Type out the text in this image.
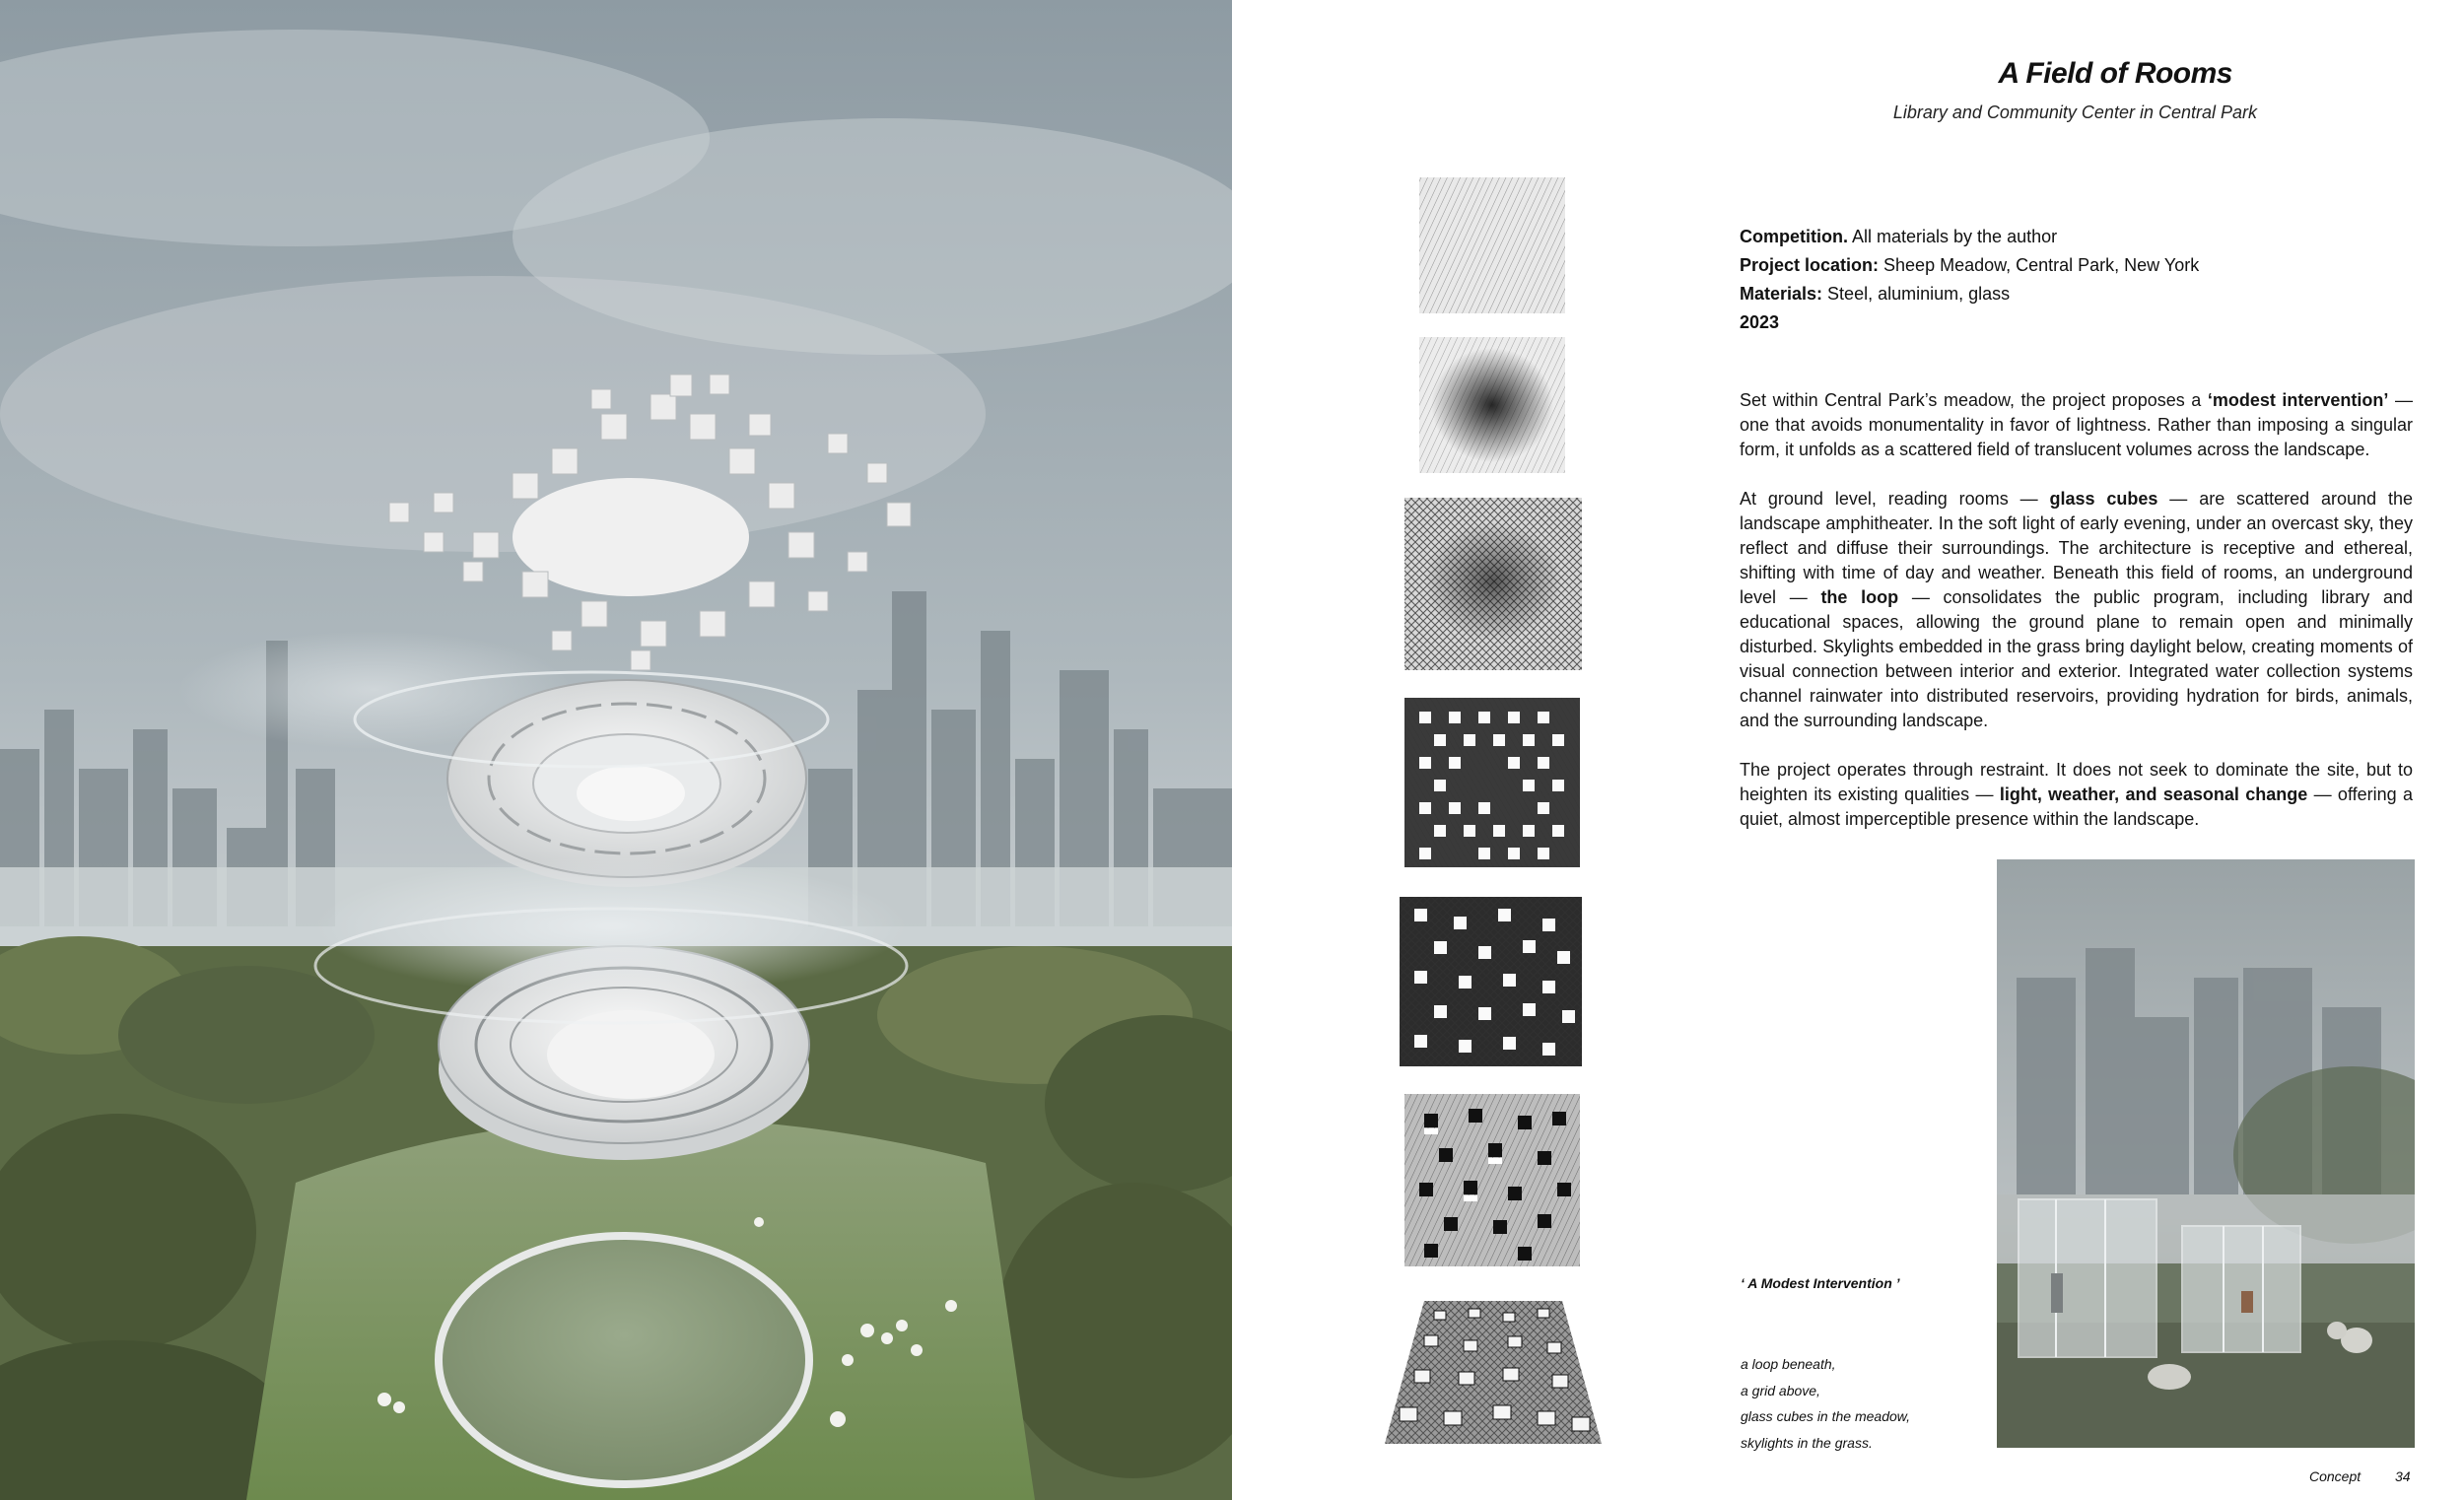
A Field of Rooms
Library and Community Center in Central Park
Competition. All materials by the author
Project location: Sheep Meadow, Central Park, New York
Materials: Steel, aluminium, glass
2023

Set within Central Park’s meadow, the project proposes a ‘modest intervention’ — one that avoids monumentality in favor of lightness. Rather than imposing a singular form, it unfolds as a scattered field of translucent volumes across the landscape.

At ground level, reading rooms — glass cubes — are scattered around the landscape amphitheater. In the soft light of early evening, under an overcast sky, they reflect and diffuse their surroundings. The architecture is receptive and ethereal, shifting with time of day and weather. Beneath this field of rooms, an underground level — the loop — consolidates the public program, including library and educational spaces, allowing the ground plane to remain open and minimally disturbed. Skylights embedded in the grass bring daylight below, creating moments of visual connection between interior and exterior. Integrated water collection systems channel rainwater into distributed reservoirs, providing hydration for birds, animals, and the surrounding landscape.

The project operates through restraint. It does not seek to dominate the site, but to heighten its existing qualities — light, weather, and seasonal change — offering a quiet, almost imperceptible presence within the landscape.

‘ A Modest Intervention ’
a loop beneath,
a grid above,
glass cubes in the meadow,
skylights in the grass.
Concept 34
